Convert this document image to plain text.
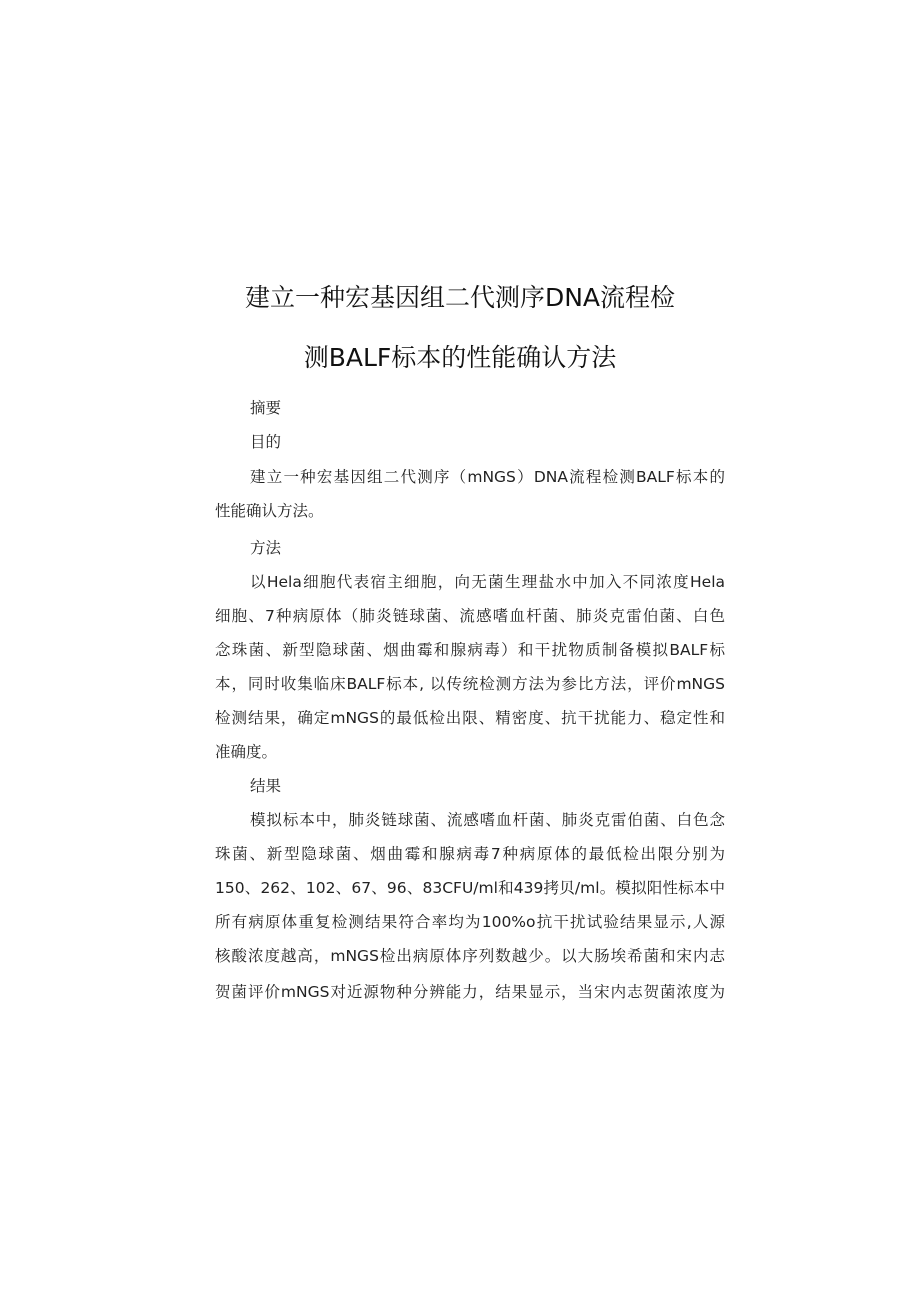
建立一种宏基因组二代测序DNA流程检
测BALF标本的性能确认方法
摘要
目的
建立一种宏基因组二代测序（mNGS）DNA流程检测BALF标本的
性能确认方法。
方法
以Hela细胞代表宿主细胞，向无菌生理盐水中加入不同浓度Hela
细胞、7种病原体（肺炎链球菌、流感嗜血杆菌、肺炎克雷伯菌、白色
念珠菌、新型隐球菌、烟曲霉和腺病毒）和干扰物质制备模拟BALF标
本，同时收集临床BALF标本, 以传统检测方法为参比方法，评价mNGS
检测结果，确定mNGS的最低检出限、精密度、抗干扰能力、稳定性和
准确度。
结果
模拟标本中，肺炎链球菌、流感嗜血杆菌、肺炎克雷伯菌、白色念
珠菌、新型隐球菌、烟曲霉和腺病毒7种病原体的最低检出限分别为
150、262、102、67、96、83CFU/ml和439拷贝/ml。模拟阳性标本中
所有病原体重复检测结果符合率均为100%o抗干扰试验结果显示,人源
核酸浓度越高，mNGS检出病原体序列数越少。以大肠埃希菌和宋内志
贺菌评价mNGS对近源物种分辨能力，结果显示，当宋内志贺菌浓度为
